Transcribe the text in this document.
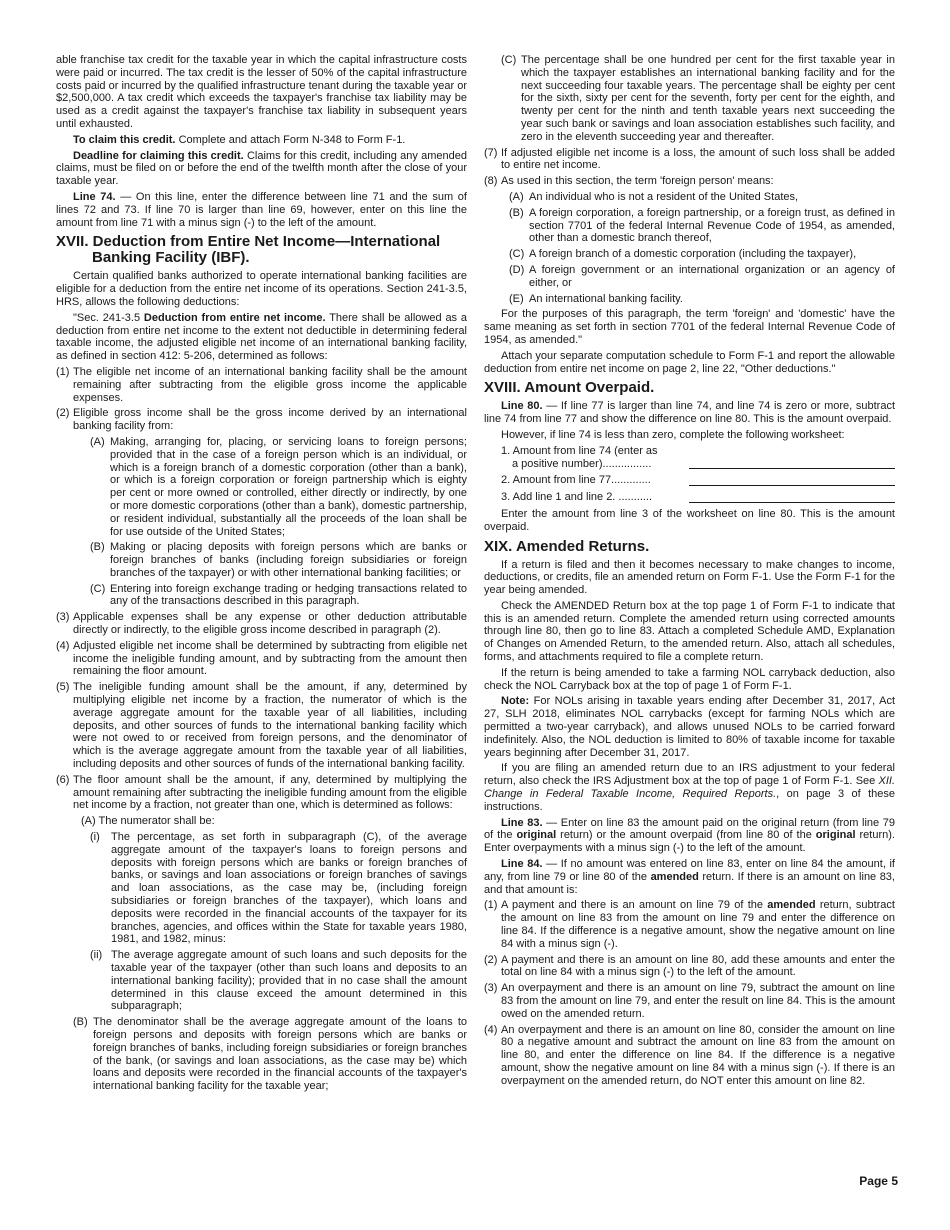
able franchise tax credit for the taxable year in which the capital infrastructure costs were paid or incurred. The tax credit is the lesser of 50% of the capital infrastructure costs paid or incurred by the qualified infrastructure tenant during the taxable year or $2,500,000. A tax credit which exceeds the taxpayer's franchise tax liability may be used as a credit against the taxpayer's franchise tax liability in subsequent years until exhausted.

To claim this credit. Complete and attach Form N-348 to Form F-1.

Deadline for claiming this credit. Claims for this credit, including any amended claims, must be filed on or before the end of the twelfth month after the close of your taxable year.

Line 74. — On this line, enter the difference between line 71 and the sum of lines 72 and 73. If line 70 is larger than line 69, however, enter on this line the amount from line 71 with a minus sign (-) to the left of the amount.

XVII. Deduction from Entire Net Income—International Banking Facility (IBF).

Certain qualified banks authorized to operate international banking facilities are eligible for a deduction from the entire net income of its operations. Section 241-3.5, HRS, allows the following deductions:

"Sec. 241-3.5 Deduction from entire net income. There shall be allowed as a deduction from entire net income to the extent not deductible in determining federal taxable income, the adjusted eligible net income of an international banking facility, as defined in section 412: 5-206, determined as follows:

(1) The eligible net income of an international banking facility shall be the amount remaining after subtracting from the eligible gross income the applicable expenses.
(2) Eligible gross income shall be the gross income derived by an international banking facility from:
(A) Making, arranging for, placing, or servicing loans to foreign persons; provided that in the case of a foreign person which is an individual, or which is a foreign branch of a domestic corporation (other than a bank), or which is a foreign corporation or foreign partnership which is eighty per cent or more owned or controlled, either directly or indirectly, by one or more domestic corporations (other than a bank), domestic partnership, or resident individual, substantially all the proceeds of the loan shall be for use outside of the United States;
(B) Making or placing deposits with foreign persons which are banks or foreign branches of banks (including foreign subsidiaries or foreign branches of the taxpayer) or with other international banking facilities; or
(C) Entering into foreign exchange trading or hedging transactions related to any of the transactions described in this paragraph.
(3) Applicable expenses shall be any expense or other deduction attributable directly or indirectly, to the eligible gross income described in paragraph (2).
(4) Adjusted eligible net income shall be determined by subtracting from eligible net income the ineligible funding amount, and by subtracting from the amount then remaining the floor amount.
(5) The ineligible funding amount shall be the amount, if any, determined by multiplying eligible net income by a fraction, the numerator of which is the average aggregate amount for the taxable year of all liabilities, including deposits, and other sources of funds to the international banking facility which were not owed to or received from foreign persons, and the denominator of which is the average aggregate amount from the taxable year of all liabilities, including deposits and other sources of funds of the international banking facility.
(6) The floor amount shall be the amount, if any, determined by multiplying the amount remaining after subtracting the ineligible funding amount from the eligible net income by a fraction, not greater than one, which is determined as follows:

(A) The numerator shall be:

(i)	The percentage, as set forth in subparagraph (C), of the average aggregate amount of the taxpayer's loans to foreign persons and deposits with foreign persons which are banks or foreign branches of banks, or savings and loan associations or foreign branches of savings and loan associations, as the case may be, (including foreign subsidiaries or foreign branches of the taxpayer), which loans and deposits were recorded in the financial accounts of the taxpayer for its branches, agencies, and offices within the State for taxable years 1980, 1981, and 1982, minus:
(ii) The average aggregate amount of such loans and such deposits for the taxable year of the taxpayer (other than such loans and deposits to an international banking facility); provided that in no case shall the amount determined in this clause exceed the amount determined in this subparagraph;
(B) The denominator shall be the average aggregate amount of the loans to foreign persons and deposits with foreign persons which are banks or foreign branches of banks, including foreign subsidiaries or foreign branches of the bank, (or savings and loan associations, as the case may be) which loans and deposits were recorded in the financial accounts of the taxpayer's international banking facility for the taxable year;
(C) The percentage shall be one hundred per cent for the first taxable year in which the taxpayer establishes an international banking facility and for the next succeeding four taxable years. The percentage shall be eighty per cent for the sixth, sixty per cent for the seventh, forty per cent for the eighth, and twenty per cent for the ninth and tenth taxable years next succeeding the year such bank or savings and loan association establishes such facility, and zero in the eleventh succeeding year and thereafter.
(7) If adjusted eligible net income is a loss, the amount of such loss shall be added to entire net income.
(8) As used in this section, the term 'foreign person' means:
(A) An individual who is not a resident of the United States,
(B) A foreign corporation, a foreign partnership, or a foreign trust, as defined in section 7701 of the federal Internal Revenue Code of 1954, as amended, other than a domestic branch thereof,
(C) A foreign branch of a domestic corporation (including the taxpayer),
(D) A foreign government or an international organization or an agency of either, or
(E) An international banking facility.

For the purposes of this paragraph, the term 'foreign' and 'domestic' have the same meaning as set forth in section 7701 of the federal Internal Revenue Code of 1954, as amended."

Attach your separate computation schedule to Form F-1 and report the allowable deduction from entire net income on page 2, line 22, "Other deductions."

XVIII. Amount Overpaid.

Line 80. — If line 77 is larger than line 74, and line 74 is zero or more, subtract line 74 from line 77 and show the difference on line 80. This is the amount overpaid.

However, if line 74 is less than zero, complete the following worksheet:

1. Amount from line 74 (enter as
a positive number)................
2. Amount from line 77.............
3. Add line 1 and line 2. ...........

Enter the amount from line 3 of the worksheet on line 80. This is the amount overpaid.

XIX. Amended Returns.

If a return is filed and then it becomes necessary to make changes to income, deductions, or credits, file an amended return on Form F-1. Use the Form F-1 for the year being amended.

Check the AMENDED Return box at the top page 1 of Form F-1 to indicate that this is an amended return. Complete the amended return using corrected amounts through line 80, then go to line 83. Attach a completed Schedule AMD, Explanation of Changes on Amended Return, to the amended return. Also, attach all schedules, forms, and attachments required to file a complete return.

If the return is being amended to take a farming NOL carryback deduction, also check the NOL Carryback box at the top of page 1 of Form F-1.

Note: For NOLs arising in taxable years ending after December 31, 2017, Act 27, SLH 2018, eliminates NOL carrybacks (except for farming NOLs which are permitted a two-year carryback), and allows unused NOLs to be carried forward indefinitely. Also, the NOL deduction is limited to 80% of taxable income for taxable years beginning after December 31, 2017.

If you are filing an amended return due to an IRS adjustment to your federal return, also check the IRS Adjustment box at the top of page 1 of Form F-1. See XII. Change in Federal Taxable Income, Required Reports., on page 3 of these instructions.

Line 83. — Enter on line 83 the amount paid on the original return (from line 79 of the original return) or the amount overpaid (from line 80 of the original return). Enter overpayments with a minus sign (-) to the left of the amount.

Line 84. — If no amount was entered on line 83, enter on line 84 the amount, if any, from line 79 or line 80 of the amended return. If there is an amount on line 83, and that amount is:

(1) A payment and there is an amount on line 79 of the amended return, subtract the amount on line 83 from the amount on line 79 and enter the difference on line 84. If the difference is a negative amount, show the negative amount on line 84 with a minus sign (-).
(2) A payment and there is an amount on line 80, add these amounts and enter the total on line 84 with a minus sign (-) to the left of the amount.
(3) An overpayment and there is an amount on line 79, subtract the amount on line 83 from the amount on line 79, and enter the result on line 84. This is the amount owed on the amended return.
(4) An overpayment and there is an amount on line 80, consider the amount on line 80 a negative amount and subtract the amount on line 83 from the amount on line 80, and enter the difference on line 84. If the difference is a negative amount, show the negative amount on line 84 with a minus sign (-). If there is an overpayment on the amended return, do NOT enter this amount on line 82.
Page 5
